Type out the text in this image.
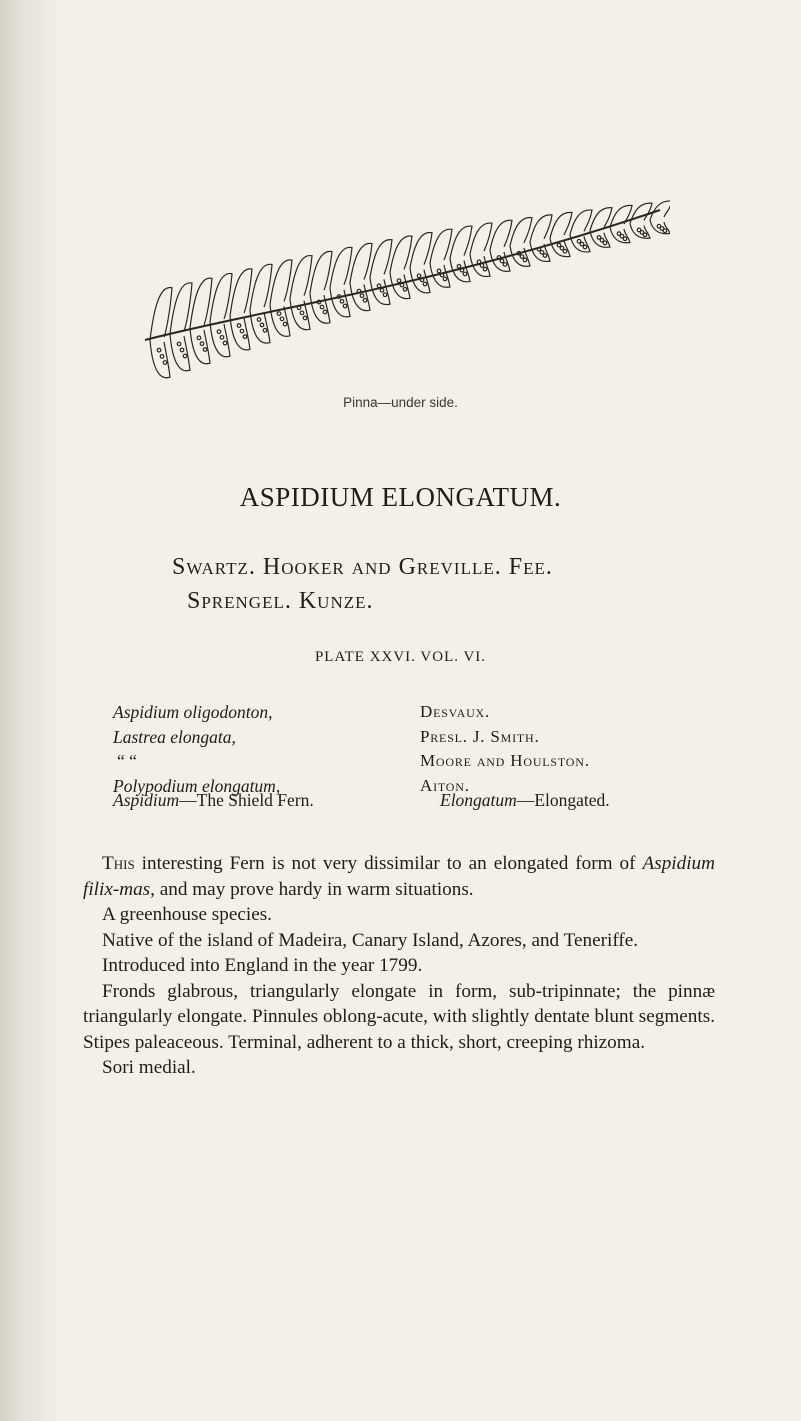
Pinna—under side.
ASPIDIUM ELONGATUM.
Swartz. Hooker and Greville. Fee.
Sprengel. Kunze.
PLATE XXVI. VOL. VI.
Aspidium oligodonton,
Lastrea elongata,
“ “
Polypodium elongatum,
Desvaux.
Presl. J. Smith.
Moore and Houlston.
Aiton.
Aspidium—The Shield Fern.	Elongatum—Elongated.

This interesting Fern is not very dissimilar to an elongated form of Aspidium filix-mas, and may prove hardy in warm situations.

A greenhouse species.

Native of the island of Madeira, Canary Island, Azores, and Teneriffe.

Introduced into England in the year 1799.

Fronds glabrous, triangularly elongate in form, sub-tripinnate; the pinnæ triangularly elongate. Pinnules oblong-acute, with slightly dentate blunt segments. Stipes paleaceous. Terminal, adherent to a thick, short, creeping rhizoma.

Sori medial.
